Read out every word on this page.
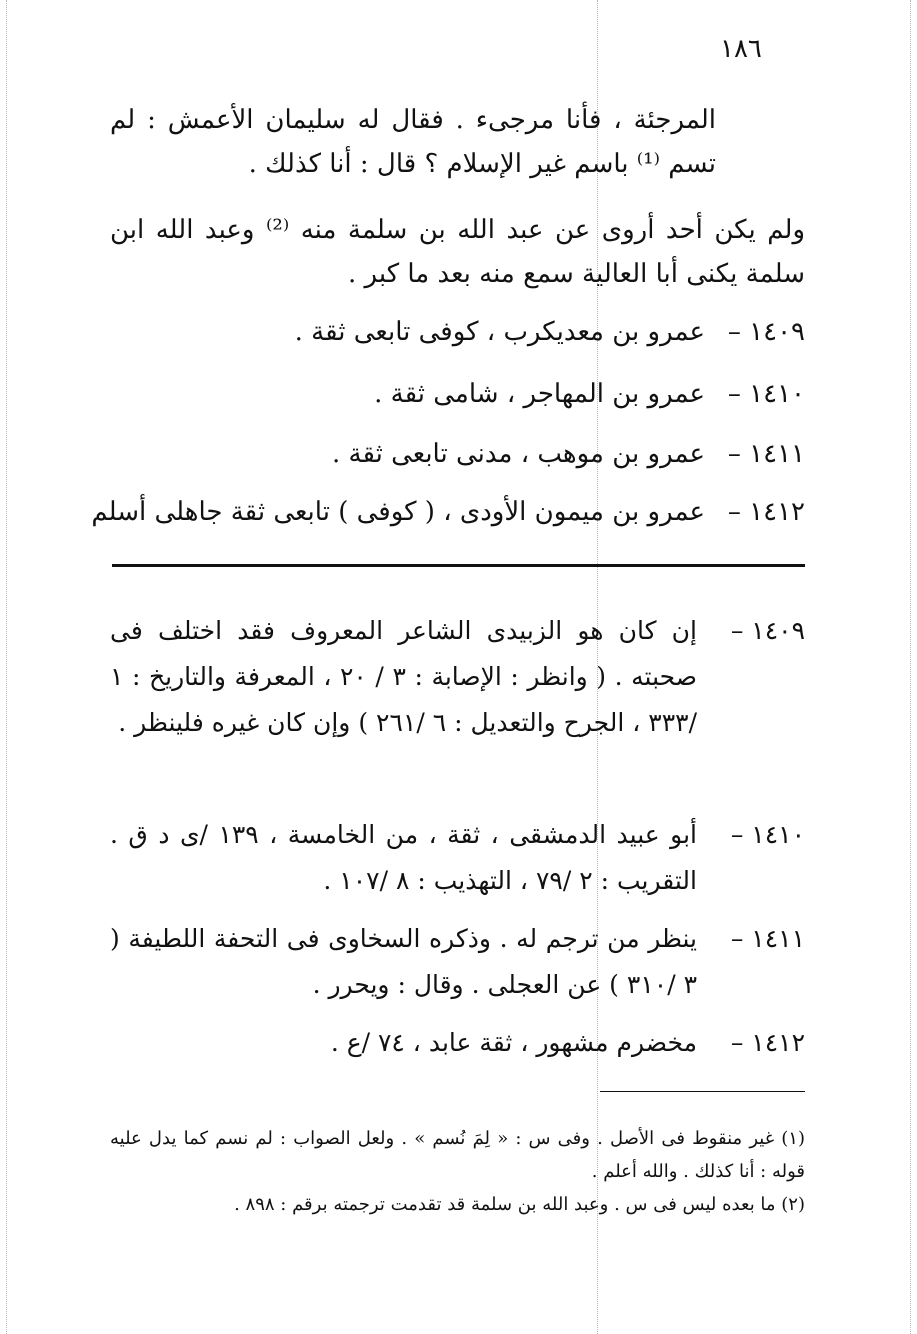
١٨٦
المرجئة ، فأنا مرجىء . فقال له سليمان الأعمش : لم تسم ⁽¹⁾ باسم غير الإسلام ؟ قال : أنا كذلك .
ولم يكن أحد أروى عن عبد الله بن سلمة منه ⁽²⁾ وعبد الله ابن سلمة يكنى أبا العالية سمع منه بعد ما كبر .
١٤٠٩ –
عمرو بن معديكرب ، كوفى تابعى ثقة .
١٤١٠ –
عمرو بن المهاجر ، شامى ثقة .
١٤١١ –
عمرو بن موهب ، مدنى تابعى ثقة .
١٤١٢ –
عمرو بن ميمون الأودى ، ( كوفى ) تابعى ثقة جاهلى أسلم
١٤٠٩ –
إن كان هو الزبيدى الشاعر المعروف فقد اختلف فى صحبته . ( وانظر : الإصابة : ٣ / ٢٠ ، المعرفة والتاريخ : ١ /٣٣٣ ، الجرح والتعديل : ٦ /٢٦١ ) وإن كان غيره فلينظر .
١٤١٠ –
أبو عبيد الدمشقى ، ثقة ، من الخامسة ، ١٣٩ /ى د ق . التقريب : ٢ /٧٩ ، التهذيب : ٨ /١٠٧ .
١٤١١ –
ينظر من ترجم له . وذكره السخاوى فى التحفة اللطيفة ( ٣ /٣١٠ ) عن العجلى . وقال : ويحرر .
١٤١٢ –
مخضرم مشهور ، ثقة عابد ، ٧٤ /ع .
(١) غير منقوط فى الأصل . وفى س : « لِمَ نُسم » . ولعل الصواب : لم نسم كما يدل عليه قوله : أنا كذلك . والله أعلم .
(٢) ما بعده ليس فى س . وعبد الله بن سلمة قد تقدمت ترجمته برقم : ٨٩٨ .
